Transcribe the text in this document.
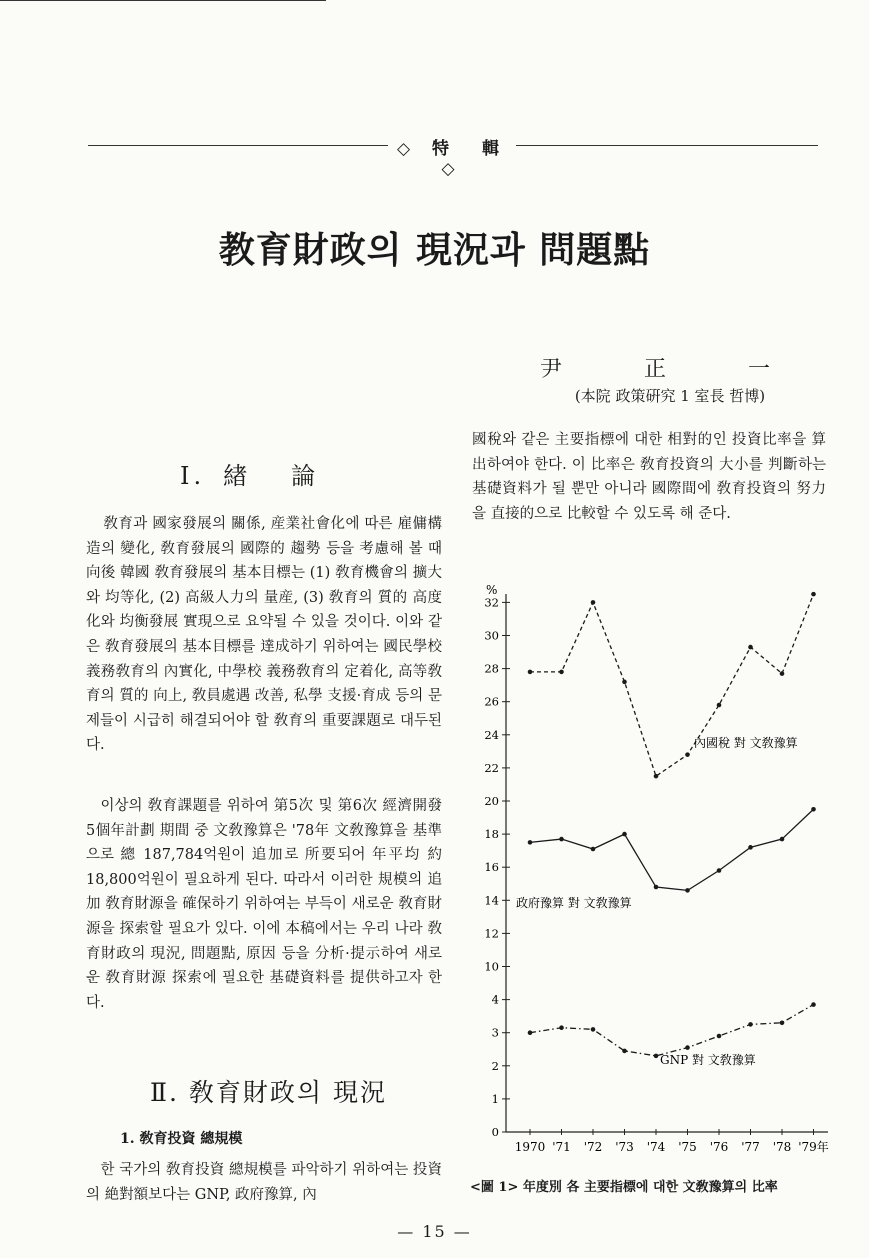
◇ 特　輯 ◇
教育財政의 現況과 問題點
尹　正　一
(本院 政策硏究 1 室長 哲博)
Ⅰ. 緖 論

敎育과 國家發展의 關係, 産業社會化에 따른 雇傭構造의 變化, 敎育發展의 國際的 趨勢 등을 考慮해 볼 때 向後 韓國 敎育發展의 基本目標는 (1) 敎育機會의 擴大와 均等化, (2) 高級人力의 量産, (3) 敎育의 質的 高度化와 均衡發展 實現으로 요약될 수 있을 것이다. 이와 같은 敎育發展의 基本目標를 達成하기 위하여는 國民學校 義務敎育의 內實化, 中學校 義務敎育의 定着化, 高等敎育의 質的 向上, 敎員處遇 改善, 私學 支援·育成 등의 문제들이 시급히 해결되어야 할 敎育의 重要課題로 대두된다.

이상의 敎育課題를 위하여 第5次 및 第6次 經濟開發 5個年計劃 期間 중 文敎豫算은 '78年 文敎豫算을 基準으로 總 187,784억원이 追加로 所要되어 年平均 約 18,800억원이 필요하게 된다. 따라서 이러한 規模의 追加 敎育財源을 確保하기 위하여는 부득이 새로운 敎育財源을 探索할 필요가 있다. 이에 本稿에서는 우리 나라 敎育財政의 現況, 問題點, 原因 등을 分析·提示하여 새로운 敎育財源 探索에 필요한 基礎資料를 提供하고자 한다.

Ⅱ. 敎育財政의 現況
1. 敎育投資 總規模

한 국가의 敎育投資 總規模를 파악하기 위하여는 投資의 絶對額보다는 GNP, 政府豫算, 內

國稅와 같은 主要指標에 대한 相對的인 投資比率을 算出하여야 한다. 이 比率은 敎育投資의 大小를 判斷하는 基礎資料가 될 뿐만 아니라 國際間에 敎育投資의 努力을 直接的으로 比較할 수 있도록 해 준다.

%
0
1
2
3
4
10
12
14
16
18
20
22
24
26
28
30
32
1970 '71 '72 '73 '74 '75 '76 '77 '78 '79年
內國稅 對 文敎豫算
政府豫算 對 文敎豫算
GNP 對 文敎豫算
<圖 1> 年度別 各 主要指標에 대한 文敎豫算의 比率
— 15 —
